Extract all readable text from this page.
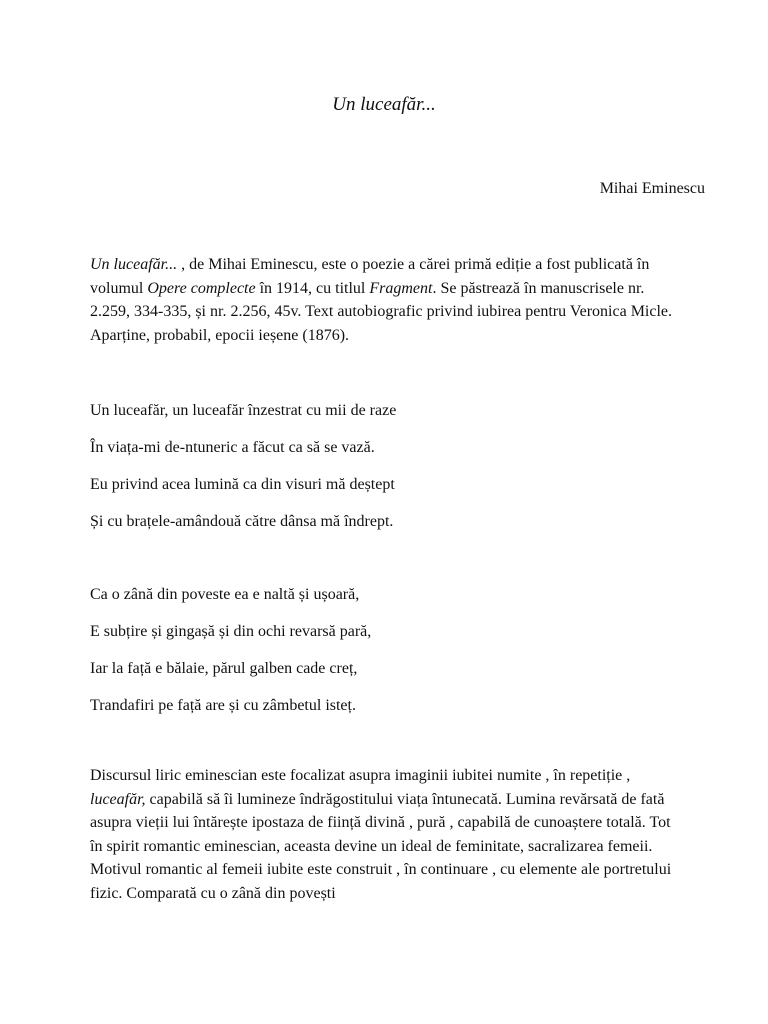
Un luceafăr...

Mihai Eminescu

Un luceafăr... , de Mihai Eminescu, este o poezie a cărei primă ediție a fost publicată în volumul Opere complecte în 1914, cu titlul Fragment. Se păstrează în manuscrisele nr. 2.259, 334-335, și nr. 2.256, 45v. Text autobiografic privind iubirea pentru Veronica Micle. Aparține, probabil, epocii ieșene (1876).

Un luceafăr, un luceafăr înzestrat cu mii de raze
În viața-mi de-ntuneric a făcut ca să se vază.
Eu privind acea lumină ca din visuri mă deștept
Și cu brațele-amândouă către dânsa mă îndrept.
Ca o zână din poveste ea e naltă și ușoară,
E subțire și gingașă și din ochi revarsă pară,
Iar la față e bălaie, părul galben cade creț,
Trandafiri pe față are și cu zâmbetul isteț.

Discursul liric eminescian este focalizat asupra imaginii iubitei numite , în repetiție , luceafăr, capabilă să îi lumineze îndrăgostitului viața întunecată. Lumina revărsată de fată asupra vieții lui întărește ipostaza de ființă divină , pură , capabilă de cunoaștere totală. Tot în spirit romantic eminescian, aceasta devine un ideal de feminitate, sacralizarea femeii. Motivul romantic al femeii iubite este construit , în continuare , cu elemente ale portretului fizic. Comparată cu o zână din povești
